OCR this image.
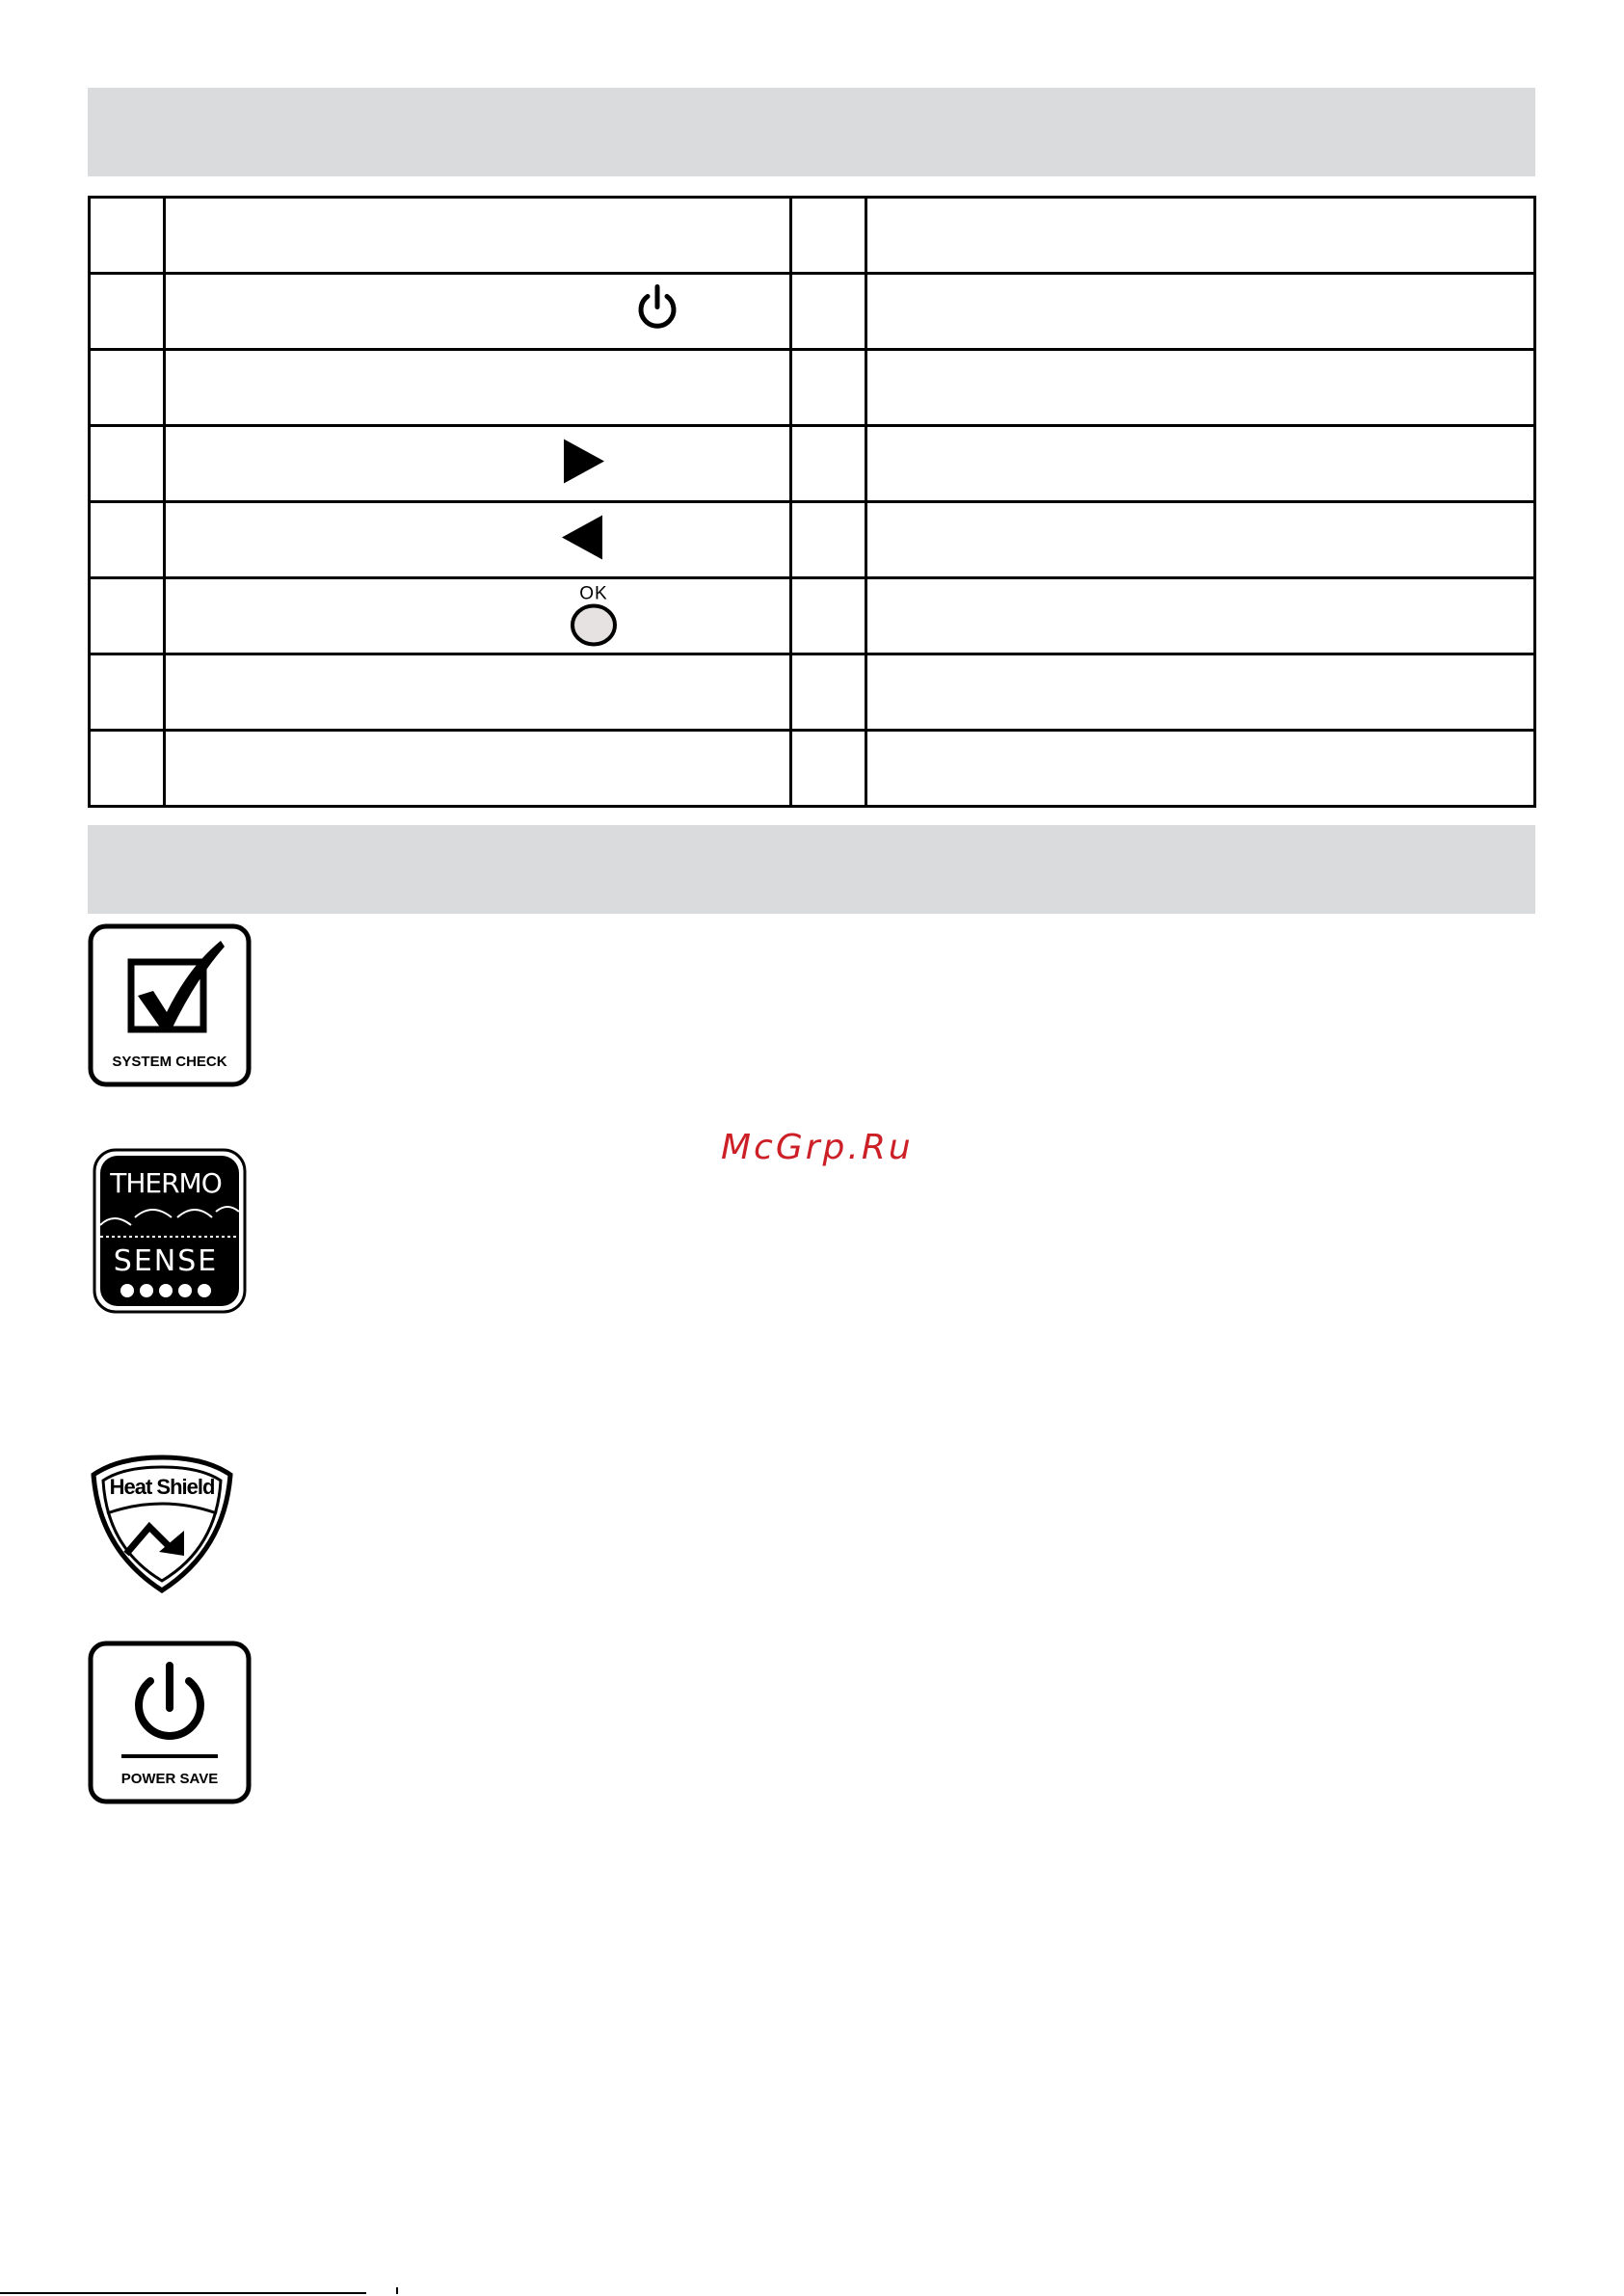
	OK		

SYSTEM CHECK
THERMO
SENSE
Heat Shield
POWER SAVE
McGrp.Ru
